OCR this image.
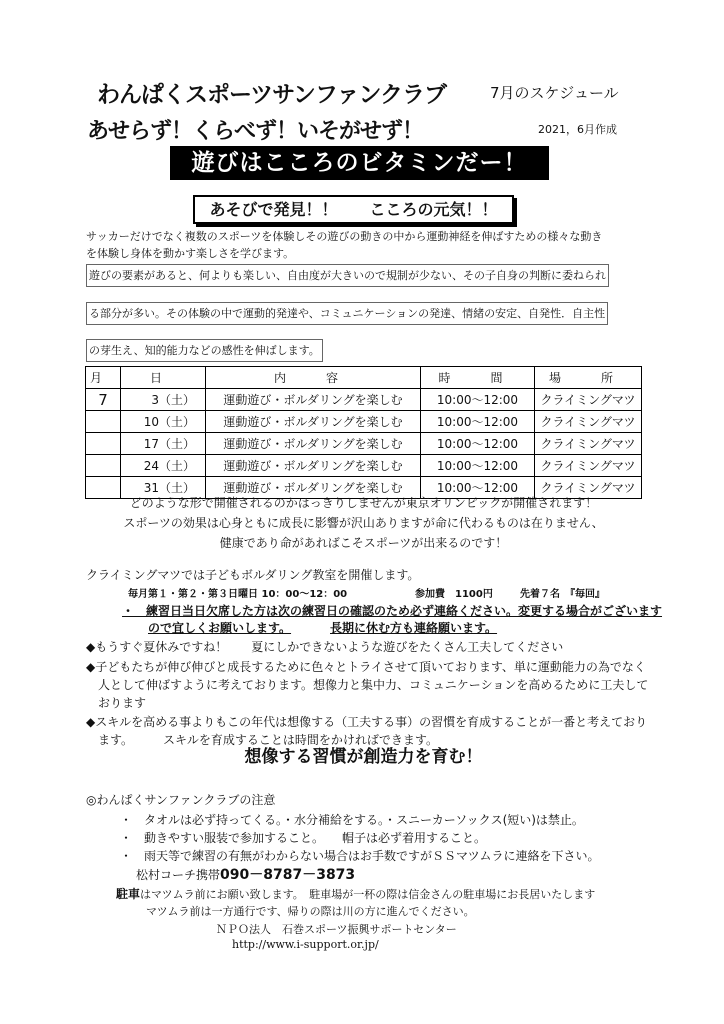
わんぱくスポーツサンファンクラブ	7月のスケジュール
あせらず！くらべず！いそがせず！	2021，6月作成
遊びはこころのビタミンだー！
あそびで発見！！　　こころの元気！！
サッカーだけでなく複数のスポーツを体験しその遊びの動きの中から運動神経を伸ばすための様々な動き
を体験し身体を動かす楽しさを学びます。
遊びの要素があると、何よりも楽しい、自由度が大きいので規制が少ない、その子自身の判断に委ねられ
る部分が多い。その体験の中で運動的発達や、コミュニケーションの発達、情緒の安定、自発性．自主性
の芽生え、知的能力などの感性を伸ばします。
月	日	内　容	時　間	場　所
7	3（土）	運動遊び・ボルダリングを楽しむ	10:00～12:00	クライミングマツ
	10（土）	運動遊び・ボルダリングを楽しむ	10:00～12:00	クライミングマツ
	17（土）	運動遊び・ボルダリングを楽しむ	10:00～12:00	クライミングマツ
	24（土）	運動遊び・ボルダリングを楽しむ	10:00～12:00	クライミングマツ
	31（土）	運動遊び・ボルダリングを楽しむ	10:00～12:00	クライミングマツ
どのような形で開催されるのかはっきりしませんが東京オリンピックが開催されます！
スポーツの効果は心身ともに成長に影響が沢山ありますが命に代わるものは在りません、
健康であり命があればこそスポーツが出来るのです！
クライミングマツでは子どもボルダリング教室を開催します。
毎月第１・第２・第３日曜日 10：00～12：00	参加費　1100円	先着７名　『毎回』
・　練習日当日欠席した方は次の練習日の確認のため必ず連絡ください。変更する場合がございます
ので宜しくお願いします。	長期に休む方も連絡願います。
◆もうすぐ夏休みですね！　　夏にしかできないような遊びをたくさん工夫してください
◆子どもたちが伸び伸びと成長するために色々とトライさせて頂いております、単に運動能力の為でなく
人として伸ばすように考えております。想像力と集中力、コミュニケーションを高めるために工夫して
おります
◆スキルを高める事よりもこの年代は想像する（工夫する事）の習慣を育成することが一番と考えており
ます。　　　スキルを育成することは時間をかければできます。
想像する習慣が創造力を育む！
◎わんぱくサンファンクラブの注意
・　タオルは必ず持ってくる。・水分補給をする。・スニーカーソックス(短い)は禁止。
・　動きやすい服装で参加すること。　　帽子は必ず着用すること。
・　雨天等で練習の有無がわからない場合はお手数ですがＳＳマツムラに連絡を下さい。
松村コーチ携帯090－8787－3873
駐車はマツムラ前にお願い致します。　駐車場が一杯の際は信金さんの駐車場にお長居いたします
マツムラ前は一方通行です、帰りの際は川の方に進んでください。
ＮＰＯ法人　石巻スポーツ振興サポートセンター
http://www.i-support.or.jp/
